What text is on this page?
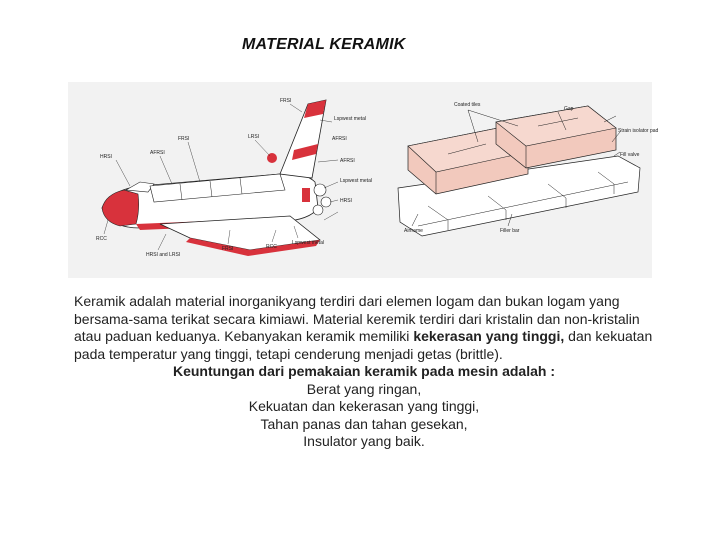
MATERIAL KERAMIK
FRSI
Lspwest metal
FRSI	LRSI
HRSI
AFRSI
AFRSI
AFRSI
Lspwest metal
HRSI
RCC
HRSI and LRSI
FRSI	RCC
Lspwest metal
Coated tiles
Gap
Strain isolator pad
Fill valve
Airframe	Filler bar

Keramik adalah material inorganikyang terdiri dari elemen logam dan bukan logam yang bersama-sama terikat secara kimiawi. Material keremik terdiri dari kristalin dan non-kristalin atau paduan keduanya. Kebanyakan keramik memiliki kekerasan yang tinggi, dan kekuatan pada temperatur yang tinggi, tetapi cenderung menjadi getas (brittle).

Keuntungan dari pemakaian keramik pada mesin adalah :

Berat yang ringan,

Kekuatan dan kekerasan yang tinggi,

Tahan panas dan tahan gesekan,

Insulator yang baik.
